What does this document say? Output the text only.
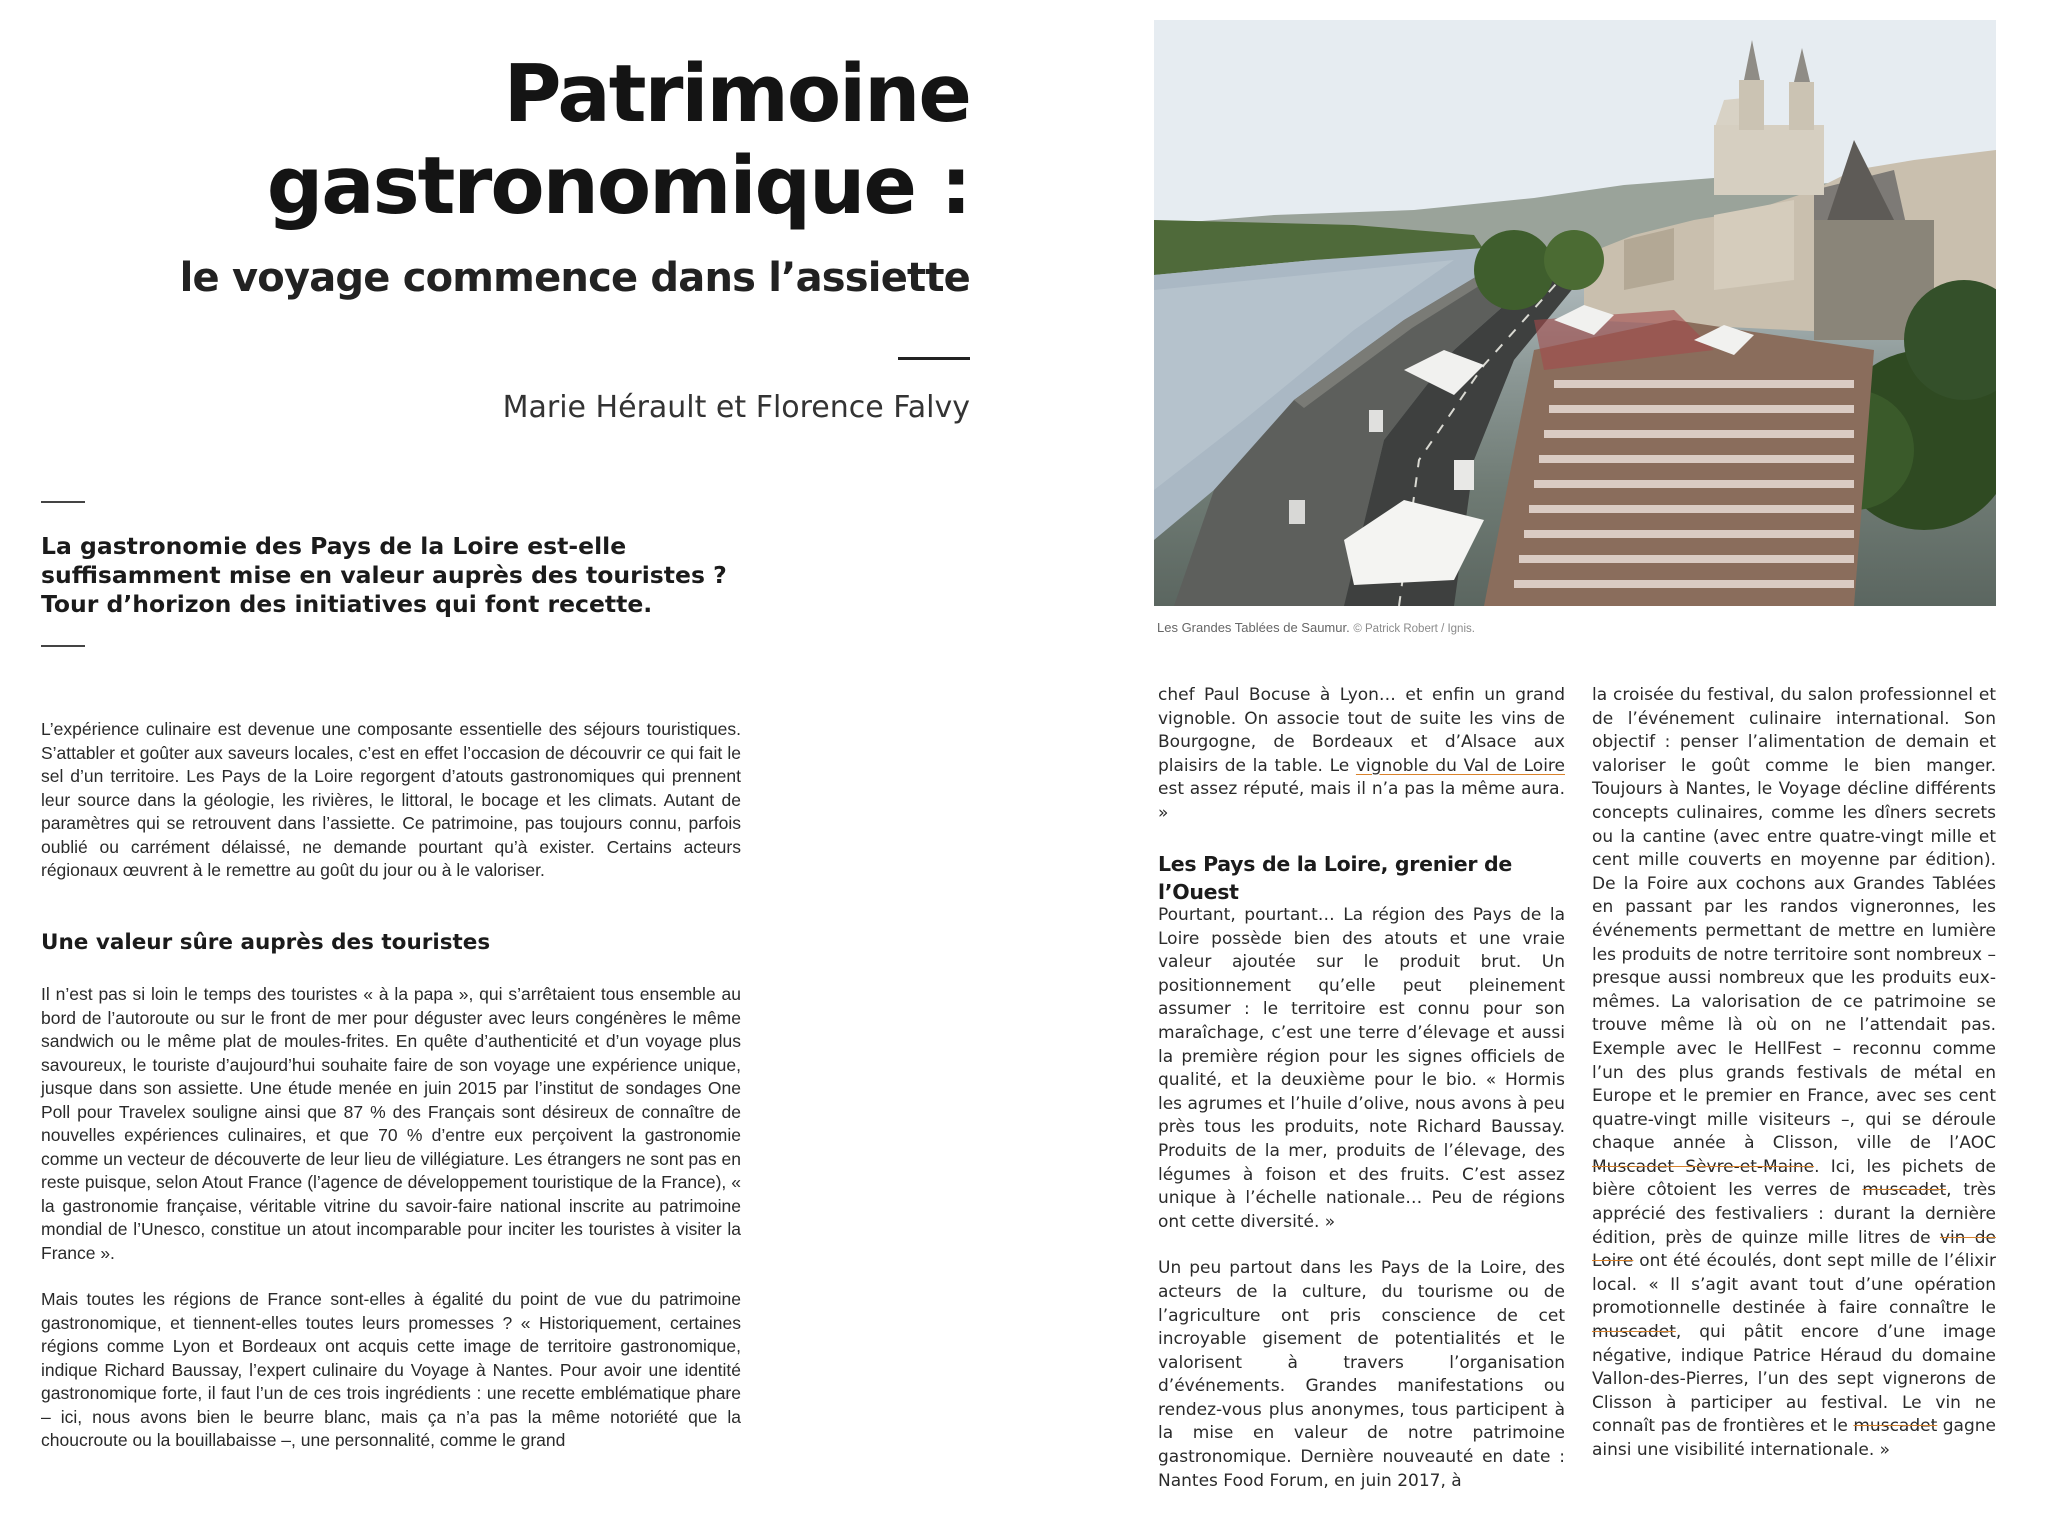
Patrimoine
gastronomique :
le voyage commence dans l’assiette
Marie Hérault et Florence Falvy
La gastronomie des Pays de la Loire est-elle suffisamment mise en valeur auprès des touristes ? Tour d’horizon des initiatives qui font recette.

L’expérience culinaire est devenue une composante essentielle des séjours touristiques. S’attabler et goûter aux saveurs locales, c’est en effet l’occasion de découvrir ce qui fait le sel d’un territoire. Les Pays de la Loire regorgent d’atouts gastronomiques qui prennent leur source dans la géologie, les rivières, le littoral, le bocage et les climats. Autant de paramètres qui se retrouvent dans l’assiette. Ce patrimoine, pas toujours connu, parfois oublié ou carrément délaissé, ne demande pourtant qu’à exister. Certains acteurs régionaux œuvrent à le remettre au goût du jour ou à le valoriser.

Une valeur sûre auprès des touristes

Il n’est pas si loin le temps des touristes « à la papa », qui s’arrêtaient tous ensemble au bord de l’autoroute ou sur le front de mer pour déguster avec leurs congénères le même sandwich ou le même plat de moules-frites. En quête d’authenticité et d’un voyage plus savoureux, le touriste d’aujourd’hui souhaite faire de son voyage une expérience unique, jusque dans son assiette. Une étude menée en juin 2015 par l’institut de sondages One Poll pour Travelex souligne ainsi que 87 % des Français sont désireux de connaître de nouvelles expériences culinaires, et que 70 % d’entre eux perçoivent la gastronomie comme un vecteur de découverte de leur lieu de villégiature. Les étrangers ne sont pas en reste puisque, selon Atout France (l’agence de développement touristique de la France), « la gastronomie française, véritable vitrine du savoir-faire national inscrite au patrimoine mondial de l’Unesco, constitue un atout incomparable pour inciter les touristes à visiter la France ».

Mais toutes les régions de France sont-elles à égalité du point de vue du patrimoine gastronomique, et tiennent-elles toutes leurs promesses ? « Historiquement, certaines régions comme Lyon et Bordeaux ont acquis cette image de territoire gastronomique, indique Richard Baussay, l’expert culinaire du Voyage à Nantes. Pour avoir une identité gastronomique forte, il faut l’un de ces trois ingrédients : une recette emblématique phare – ici, nous avons bien le beurre blanc, mais ça n’a pas la même notoriété que la choucroute ou la bouillabaisse –, une personnalité, comme le grand

Les Grandes Tablées de Saumur. © Patrick Robert / Ignis.

chef Paul Bocuse à Lyon… et enfin un grand vignoble. On associe tout de suite les vins de Bourgogne, de Bordeaux et d’Alsace aux plaisirs de la table. Le vignoble du Val de Loire est assez réputé, mais il n’a pas la même aura. »

Les Pays de la Loire, grenier de l’Ouest

Pourtant, pourtant… La région des Pays de la Loire possède bien des atouts et une vraie valeur ajoutée sur le produit brut. Un positionnement qu’elle peut pleinement assumer : le territoire est connu pour son maraîchage, c’est une terre d’élevage et aussi la première région pour les signes officiels de qualité, et la deuxième pour le bio. « Hormis les agrumes et l’huile d’olive, nous avons à peu près tous les produits, note Richard Baussay. Produits de la mer, produits de l’élevage, des légumes à foison et des fruits. C’est assez unique à l’échelle nationale… Peu de régions ont cette diversité. »

Un peu partout dans les Pays de la Loire, des acteurs de la culture, du tourisme ou de l’agriculture ont pris conscience de cet incroyable gisement de potentialités et le valorisent à travers l’organisation d’événements. Grandes manifestations ou rendez-vous plus anonymes, tous participent à la mise en valeur de notre patrimoine gastronomique. Dernière nouveauté en date : Nantes Food Forum, en juin 2017, à

la croisée du festival, du salon professionnel et de l’événement culinaire international. Son objectif : penser l’alimentation de demain et valoriser le goût comme le bien manger. Toujours à Nantes, le Voyage décline différents concepts culinaires, comme les dîners secrets ou la cantine (avec entre quatre-vingt mille et cent mille couverts en moyenne par édition). De la Foire aux cochons aux Grandes Tablées en passant par les randos vigneronnes, les événements permettant de mettre en lumière les produits de notre territoire sont nombreux – presque aussi nombreux que les produits eux-mêmes. La valorisation de ce patrimoine se trouve même là où on ne l’attendait pas. Exemple avec le HellFest – reconnu comme l’un des plus grands festivals de métal en Europe et le premier en France, avec ses cent quatre-vingt mille visiteurs –, qui se déroule chaque année à Clisson, ville de l’AOC Muscadet Sèvre-et-Maine. Ici, les pichets de bière côtoient les verres de muscadet, très apprécié des festivaliers : durant la dernière édition, près de quinze mille litres de vin de Loire ont été écoulés, dont sept mille de l’élixir local. « Il s’agit avant tout d’une opération promotionnelle destinée à faire connaître le muscadet, qui pâtit encore d’une image négative, indique Patrice Héraud du domaine Vallon-des-Pierres, l’un des sept vignerons de Clisson à participer au festival. Le vin ne connaît pas de frontières et le muscadet gagne ainsi une visibilité internationale. »
